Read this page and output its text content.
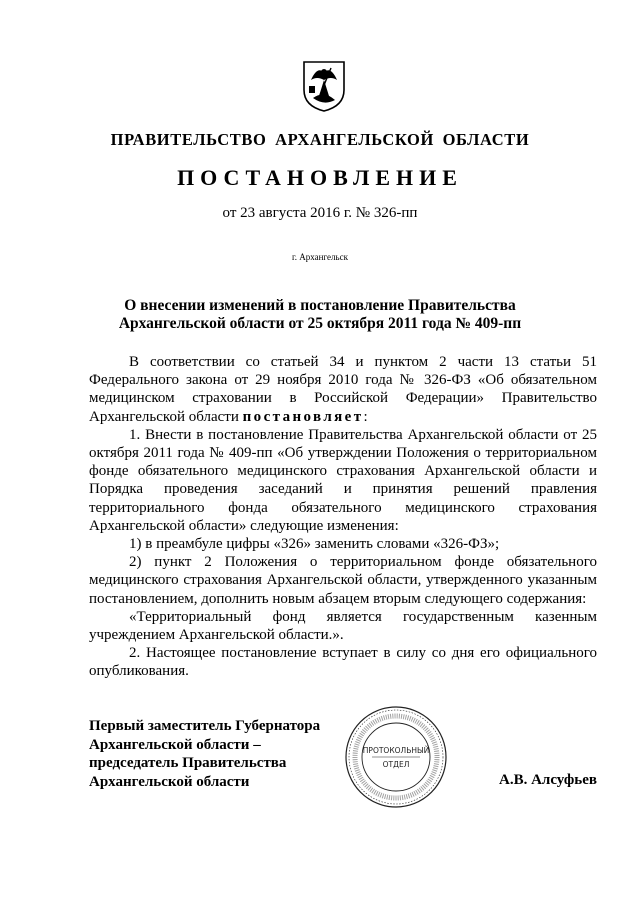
ПРАВИТЕЛЬСТВО АРХАНГЕЛЬСКОЙ ОБЛАСТИ
ПОСТАНОВЛЕНИЕ
от 23 августа 2016 г. № 326-пп
г. Архангельск
О внесении изменений в постановление Правительства
Архангельской области от 25 октября 2011 года № 409-пп

В соответствии со статьей 34 и пунктом 2 части 13 статьи 51 Федерального закона от 29 ноября 2010 года № 326-ФЗ «Об обязательном медицинском страховании в Российской Федерации» Правительство Архангельской области постановляет:

1. Внести в постановление Правительства Архангельской области от 25 октября 2011 года № 409-пп «Об утверждении Положения о территориальном фонде обязательного медицинского страхования Архангельской области и Порядка проведения заседаний и принятия решений правления территориального фонда обязательного медицинского страхования Архангельской области» следующие изменения:

1) в преамбуле цифры «326» заменить словами «326-ФЗ»;

2) пункт 2 Положения о территориальном фонде обязательного медицинского страхования Архангельской области, утвержденного указанным постановлением, дополнить новым абзацем вторым следующего содержания:

«Территориальный фонд является государственным казенным учреждением Архангельской области.».

2. Настоящее постановление вступает в силу со дня его официального опубликования.

Первый заместитель Губернатора
Архангельской области –
председатель Правительства
Архангельской области
ПРОТОКОЛЬНЫЙ
ОТДЕЛ
А.В. Алсуфьев
